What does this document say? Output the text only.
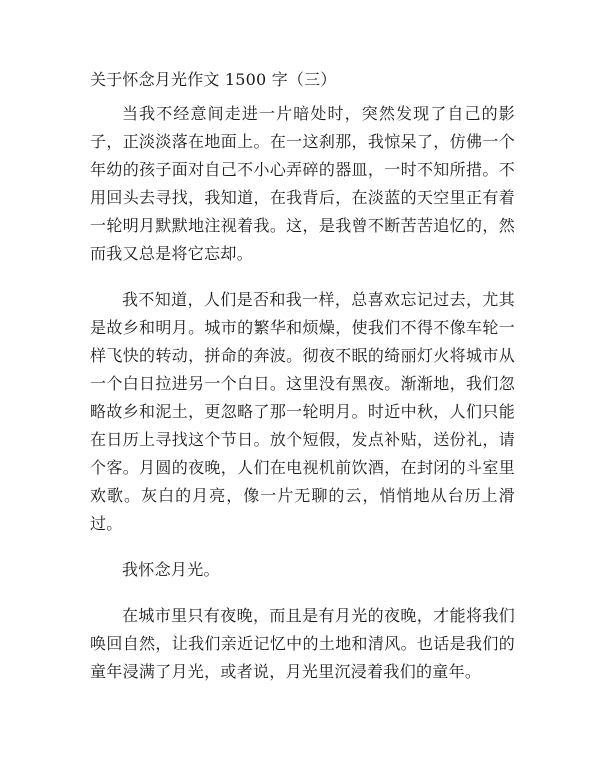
关于怀念月光作文 1500 字（三）

当我不经意间走进一片暗处时，突然发现了自己的影子，正淡淡落在地面上。在一这刹那，我惊呆了，仿佛一个年幼的孩子面对自己不小心弄碎的器皿，一时不知所措。不用回头去寻找，我知道，在我背后，在淡蓝的天空里正有着一轮明月默默地注视着我。这，是我曾不断苦苦追忆的，然而我又总是将它忘却。

我不知道，人们是否和我一样，总喜欢忘记过去，尤其是故乡和明月。城市的繁华和烦燥，使我们不得不像车轮一样飞快的转动，拼命的奔波。彻夜不眠的绮丽灯火将城市从一个白日拉进另一个白日。这里没有黑夜。渐渐地，我们忽略故乡和泥土，更忽略了那一轮明月。时近中秋，人们只能在日历上寻找这个节日。放个短假，发点补贴，送份礼，请个客。月圆的夜晚，人们在电视机前饮酒，在封闭的斗室里欢歌。灰白的月亮，像一片无聊的云，悄悄地从台历上滑过。

我怀念月光。

在城市里只有夜晚，而且是有月光的夜晚，才能将我们唤回自然，让我们亲近记忆中的土地和清风。也话是我们的童年浸满了月光，或者说，月光里沉浸着我们的童年。
